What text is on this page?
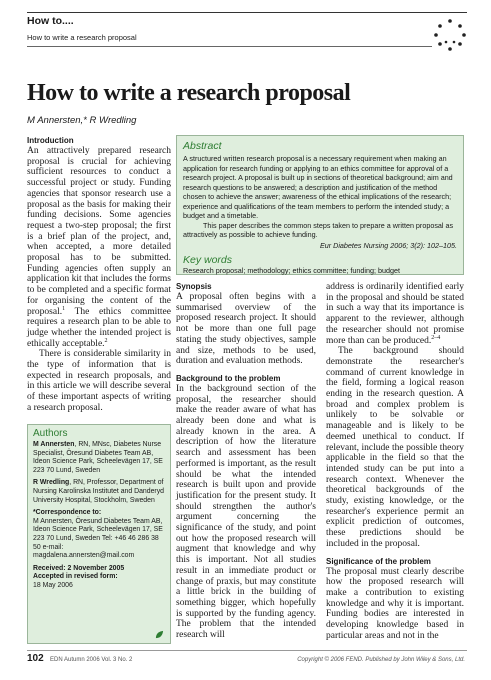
How to....
How to write a research proposal
How to write a research proposal
M Annersten,* R Wredling
Introduction

An attractively prepared research proposal is crucial for achieving sufficient resources to conduct a successful project or study. Funding agencies that sponsor research use a proposal as the basis for making their funding decisions. Some agencies request a two-step proposal; the first is a brief plan of the project, and, when accepted, a more detailed proposal has to be submitted. Funding agencies often supply an application kit that includes the forms to be completed and a specific format for organising the content of the proposal.$^1$ The ethics committee requires a research plan to be able to judge whether the intended project is ethically acceptable.$^2$

There is considerable similarity in the type of information that is expected in research proposals, and in this article we will describe several of these important aspects of writing a research proposal.

Abstract
A structured written research proposal is a necessary requirement when making an application for research funding or applying to an ethics committee for approval of a research project. A proposal is built up in sections of theoretical background; aim and research questions to be answered; a description and justification of the method chosen to achieve the answer; awareness of the ethical implications of the research; experience and qualifications of the team members to perform the intended study; a budget and a timetable.
This paper describes the common steps taken to prepare a written proposal as attractively as possible to achieve funding.
Eur Diabetes Nursing 2006; 3(2): 102–105.
Key words
Research proposal; methodology; ethics committee; funding; budget
Synopsis
A proposal often begins with a summarised overview of the proposed research project. It should not be more than one full page stating the study objectives, sample and size, methods to be used, duration and evaluation methods.
Background to the problem
In the background section of the proposal, the researcher should make the reader aware of what has already been done and what is already known in the area. A description of how the literature search and assessment has been performed is important, as the result should be what the intended research is built upon and provide justification for the present study. It should strengthen the author's argument concerning the significance of the study, and point out how the proposed research will augment that knowledge and why this is important. Not all studies result in an immediate product or change of praxis, but may constitute a little brick in the building of something bigger, which hopefully is supported by the funding agency. The problem that the intended research will
address is ordinarily identified early in the proposal and should be stated in such a way that its importance is apparent to the reviewer, although the researcher should not promise more than can be produced.$^{2-4}$
The background should demonstrate the researcher's command of current knowledge in the field, forming a logical reason ending in the research question. A broad and complex problem is unlikely to be solvable or manageable and is likely to be deemed unethical to conduct. If relevant, include the possible theory applicable in the field so that the intended study can be put into a research context. Whenever the theoretical backgrounds of the study, existing knowledge, or the researcher's experience permit an explicit prediction of outcomes, these predictions should be included in the proposal.
Significance of the problem
The proposal must clearly describe how the proposed research will make a contribution to existing knowledge and why it is important. Funding bodies are interested in developing knowledge based in particular areas and not in the
Authors
M Annersten, RN, MNsc, Diabetes Nurse Specialist, Öresund Diabetes Team AB, Ideon Science Park, Scheelevägen 17, SE 223 70 Lund, Sweden
R Wredling, RN, Professor, Department of Nursing Karolinska Institutet and Danderyd University Hospital, Stockholm, Sweden
*Correspondence to:
M Annersten, Öresund Diabetes Team AB, Ideon Science Park, Scheelevägen 17, SE 223 70 Lund, Sweden Tel: +46 46 286 38 50 e-mail: magdalena.annersten@mail.com
Received: 2 November 2005
Accepted in revised form:
18 May 2006
102 EDN Autumn 2006 Vol. 3 No. 2	Copyright © 2006 FEND. Published by John Wiley & Sons, Ltd.
